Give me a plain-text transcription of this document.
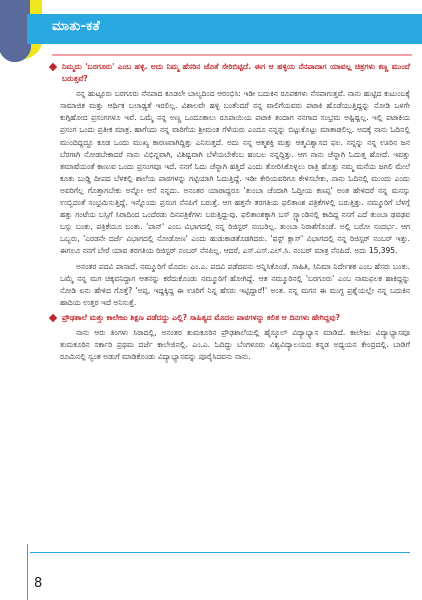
ಮಾತು-ಕತೆ
ನಿಮ್ಮದು 'ಬರಗೂರು' ಎಂಬ ಹಳ್ಳಿ. ಅದು ನಿಮ್ಮ ಹೆಸರಿನ ಜೊತೆ ಸೇರಿಬಿಟ್ಟಿದೆ. ಈಗ ಆ ಹಳ್ಳಿಯ ನೆನಪಾದಾಗ ಯಾವಲ್ಲ ಚಿತ್ರಗಳು ಕಣ್ಣ ಮುಂದೆ ಬರುತ್ತವೆ?

ನನ್ನ ಹುಟ್ಟೂರು ಬರಗೂರು ನೆನಪಾದ ಕೂಡಲೇ ಬಾಲ್ಯದಿಂದ ಆರಂಭಿಸಿ: ಇಡೀ ಬದುಕಿನ ರೂಪಕಗಳು ನೆನಪಾಗುತ್ತವೆ. ನಾನು ಹುಟ್ಟಿದ ಕುಟುಂಬಕ್ಕೆ ಸಾಮಾಜಿಕ ಮತ್ತು ಆರ್ಥಿಕ ಬಲಾಢ್ಯತೆ ಇರಲಿಲ್ಲ. ವಿಶಾಲವೇ ಹಳ್ಳಿ ಬಂತೆಂದರೆ ನನ್ನ ವಾಲಿಗೆಯವರು ಪಟಾಕಿ ಹೊಡೆಯುತ್ತಿದ್ದನ್ನು ನೋಡಿ ಒಳಗೇ ಕುಗ್ಗಿಹೋದ ಪ್ರಸಂಗಗಳೂ ಇವೆ. ಒಮ್ಮೆ ನನ್ನ ಅಣ್ಣ ಒಂದೂಕಾಲು ರೂಪಾಯಿಯ ಪಟಾಕಿ ತಂದಾಗ ನನಗಾದ ಸಂಭ್ರಮ ಅಷ್ಟಿಷ್ಟಲ್ಲ. ಇಲ್ಲಿ ಪಟಾಕಿಯ ಪ್ರಸಂಗ ಒಂದು ಪ್ರತೀಕ ಮಾತ್ರ. ಹಾಗೆಂದು ನನ್ನ ವಾರಿಗೆಯ ಶ್ರೀಮಂತ ಗೆಳೆಯರು ಎಂದೂ ನನ್ನನ್ನು ಬಿಟ್ಟುಕೊಟ್ಟು ಮಾತಾಡಲಿಲ್ಲ. ಅದಕ್ಕೆ ನಾನು ಓದಿನಲ್ಲಿ ಮುಂದಿದ್ದದ್ದೂ ಕೂಡ ಒಂದು ಮುಖ್ಯ ಕಾರಣವಾಗಿದ್ದಿತ್ತು ಎನಿಸುತ್ತದೆ. ಅದು ನನ್ನ ಆತ್ಮಶಕ್ತಿ ಮತ್ತು ಆತ್ಮವಿಶ್ವಾಸದ ಫಲ. ನನ್ನನ್ನು ನನ್ನ ಊರಿನ ಜನ ಬೆರಗಾಗಿ ನೋಡಬೇಕಾದರೆ ನಾನು ವಿಭಿನ್ನವಾಗಿ, ವಿಶಿಷ್ಟವಾಗಿ ಬೆಳೆಯಬೇಕೆಂಬ ಹಂಬಲ ನನ್ನದ್ದಿತ್ತು. ಆಗ ನಾನು ಚೆನ್ನಾಗಿ ಓದುತ್ತ ಹೋದೆ. ಇವತ್ತು ತಮಾಷೆಯಂತೆ ಕಾಣುವ ಒಂದು ಪ್ರಸಂಗವೂ ಇದೆ. ನನಗೆ ಓದು ಚೆನ್ನಾಗಿ ಹತ್ತಿದೆ ಎಂದು ತೋರಿಸಿಕೊಳ್ಳಲು ರಾತ್ರಿ ಹೊತ್ತು ನಮ್ಮ ಮನೆಯ ಜಗಲಿ ಮೇಲೆ ಕೂತು ಬುಡ್ಡಿ ದೀಪದ ಬೆಳಕಲ್ಲಿ ಶಾಲೆಯ ಪಾಠಗಳನ್ನು ಗಟ್ಟಿಯಾಗಿ ಓದುತ್ತಿದ್ದೆ. ಇಡೀ ಕೇರಿಯವರಿಗೂ ಕೇಳಿಸಬೇಕು, ನಾನು ಓದಿನಲ್ಲಿ ಮುಂದು ಎಂದು ಅವರಿಗೆಲ್ಲ ಗೊತ್ತಾಗಬೇಕು ಅನ್ನೋ ಆಸೆ ನನ್ನದು. ಅನಂತರ ಯಾರಾದ್ದರೂ 'ತುಂಬಾ ಚೆಂದಾಗಿ ಓದ್ತೀಯ ಕಣಪ್ಪ' ಅಂತ ಹೇಳಿದರೆ ನನ್ನ ಮನಸ್ಸು ಉಬ್ಬಿದಂತೆ ಸಂಭ್ರಮಿಸುತ್ತಿದ್ದೆ. ಇನ್ನೊಂದು ಪ್ರಸಂಗ ನೆನಪಿಗೆ ಬರುತ್ತೆ. ಆಗ ಹತ್ತನೇ ತರಗತಿಯ ಫಲಿತಾಂಶ ಪತ್ರಿಕೆಗಳಲ್ಲಿ ಬರುತ್ತಿತ್ತು. ನಮ್ಮೂರಿಗೆ ಬೆಳಗ್ಗೆ ಹತ್ತು ಗಂಟೆಯ ಬಸ್ಸಿಗೆ ಸಿರಾದಿಂದ ಒಂದೆರಡು ದಿನಪತ್ರಿಕೆಗಳು ಬರುತ್ತಿದ್ದುವು. ಫಲಿತಾಂಶಕ್ಕಾಗಿ ಬಸ್ ಸ್ಟ್ಯಾಂಡಿನಲ್ಲಿ ಕಾದಿದ್ದ ನನಗೆ ಎದೆ ತುಂಬಾ ಢವಢವ ಬಸ್ಸು ಬಂತು, ಪತ್ರಿಕೆಯೂ ಬಂತು. 'ಪಾಸ್' ಎಂಬ ವಿಭಾಗದಲ್ಲಿ ನನ್ನ ರಿಜಿಸ್ಟರ್ ನಂಬರಿಲ್ಲ. ತುಂಬಾ ನಿರಾಶೆಗೊಂಡೆ. ಅಲ್ಲಿ ಬರೋ ಸಂದರ್ಭ. ಆಗ ಒಬ್ಬರು, 'ಎರಡನೇ ದರ್ಜೆ ವಿಭಾಗದಲ್ಲಿ ನೋಡೋಣ' ಎಂದು ಹುಡುಕಾಡತೊಡಗಿದರು. 'ಫಸ್ಟ್ ಕ್ಲಾಸ್' ವಿಭಾಗದಲ್ಲಿ ನನ್ನ ರಿಜಿಸ್ಟರ್ ನಂಬರ್ ಇತ್ತು. ಈಗಲೂ ನನಗೆ ಬೇರೆ ಯಾವ ತರಗತಿಯ ರಿಜಿಸ್ಟರ್ ನಂಬರ್ ನೆನಪಿಲ್ಲ. ಆದರೆ, ಎಸ್.ಎಸ್.ಎಲ್.ಸಿ. ನಂಬರ್ ಮಾತ್ರ ನೆನಪಿದೆ. ಅದು 15,395.

ಅನಂತರ ಪದವಿ ಪಾಸಾದೆ. ನಮ್ಮೂರಿಗೆ ಮೊದಲ ಎಂ.ಎ. ಪದವಿ ಪಡೆದವನು ಅನ್ನಿಸಿಕೊಂಡೆ. ಸಾಹಿತಿ, ಸಿನಿಮಾ ನಿರ್ದೇಶಕ ಎಂಬ ಹೆಸರು ಬಂತು. ಒಮ್ಮೆ ನನ್ನ ಮಗ ಚಿಕ್ಕವನಿದ್ದಾಗ ಆತನನ್ನು ಕರೆದುಕೊಂಡು ನಮ್ಮೂರಿಗೆ ಹೋಗಿದ್ದೆ. ಆತ ನಮ್ಮೂರಿನಲ್ಲಿ 'ಬರಗೂರು' ಎಂಬ ನಾಮಫಲಕ ಹಾಕಿದ್ದನ್ನು ನೋಡಿ ಏನು ಹೇಳಿದ ಗೊತ್ತೆ? 'ಅಪ್ಪ, ಇದ್ದಕ್ಕಿದ್ದ ಈ ಊರಿಗೆ ನಿನ್ನ ಹೆಸರು ಇಟ್ಟಿದ್ದಾರೆ!' ಅಂತ. ನನ್ನ ಮಗನ ಈ ಮುಗ್ಧ ಪ್ರಶ್ನೆಯಲ್ಲೇ ನನ್ನ ಬದುಕಿನ ಹಾದಿಯ ಉತ್ತರ ಇದೆ ಅನಿಸುತ್ತೆ.

ಪ್ರೌಢಶಾಲೆ ಮತ್ತು ಕಾಲೇಜು ಶಿಕ್ಷಣ ಪಡೆದದ್ದು ಎಲ್ಲಿ? ಸಾಹಿತ್ಯದ ಮೊದಲ ಪಾಠಗಳನ್ನು ಕಲಿತ ಆ ದಿನಗಳು ಹೇಗಿದ್ದವು?

ನಾನು ಆರು ತಿಂಗಳು ಸಿರಾದಲ್ಲಿ, ಅನಂತರ ತುಮಕೂರಿನ ಪ್ರೌಢಶಾಲೆಯಲ್ಲಿ ಹೈಸ್ಕೂಲ್ ವಿದ್ಯಾಭ್ಯಾಸ ಮಾಡಿದೆ. ಕಾಲೇಜು ವಿದ್ಯಾಭ್ಯಾಸವೂ ತುಮಕೂರಿನ ಸರ್ಕಾರಿ ಪ್ರಥಮ ದರ್ಜೆ ಕಾಲೇಜಿನಲ್ಲಿ. ಎಂ.ಎ. ಓದಿದ್ದು ಬೆಂಗಳೂರು ವಿಶ್ವವಿದ್ಯಾಲಯದ ಕನ್ನಡ ಅಧ್ಯಯನ ಕೇಂದ್ರದಲ್ಲಿ. ಬಾಡಿಗೆ ರೂಮಿನಲ್ಲಿ ಸ್ವಂತ ಅಡುಗೆ ಮಾಡಿಕೊಂಡು ವಿದ್ಯಾಭ್ಯಾಸವನ್ನು ಪೂರೈಸಿದವನು ನಾನು.

8
